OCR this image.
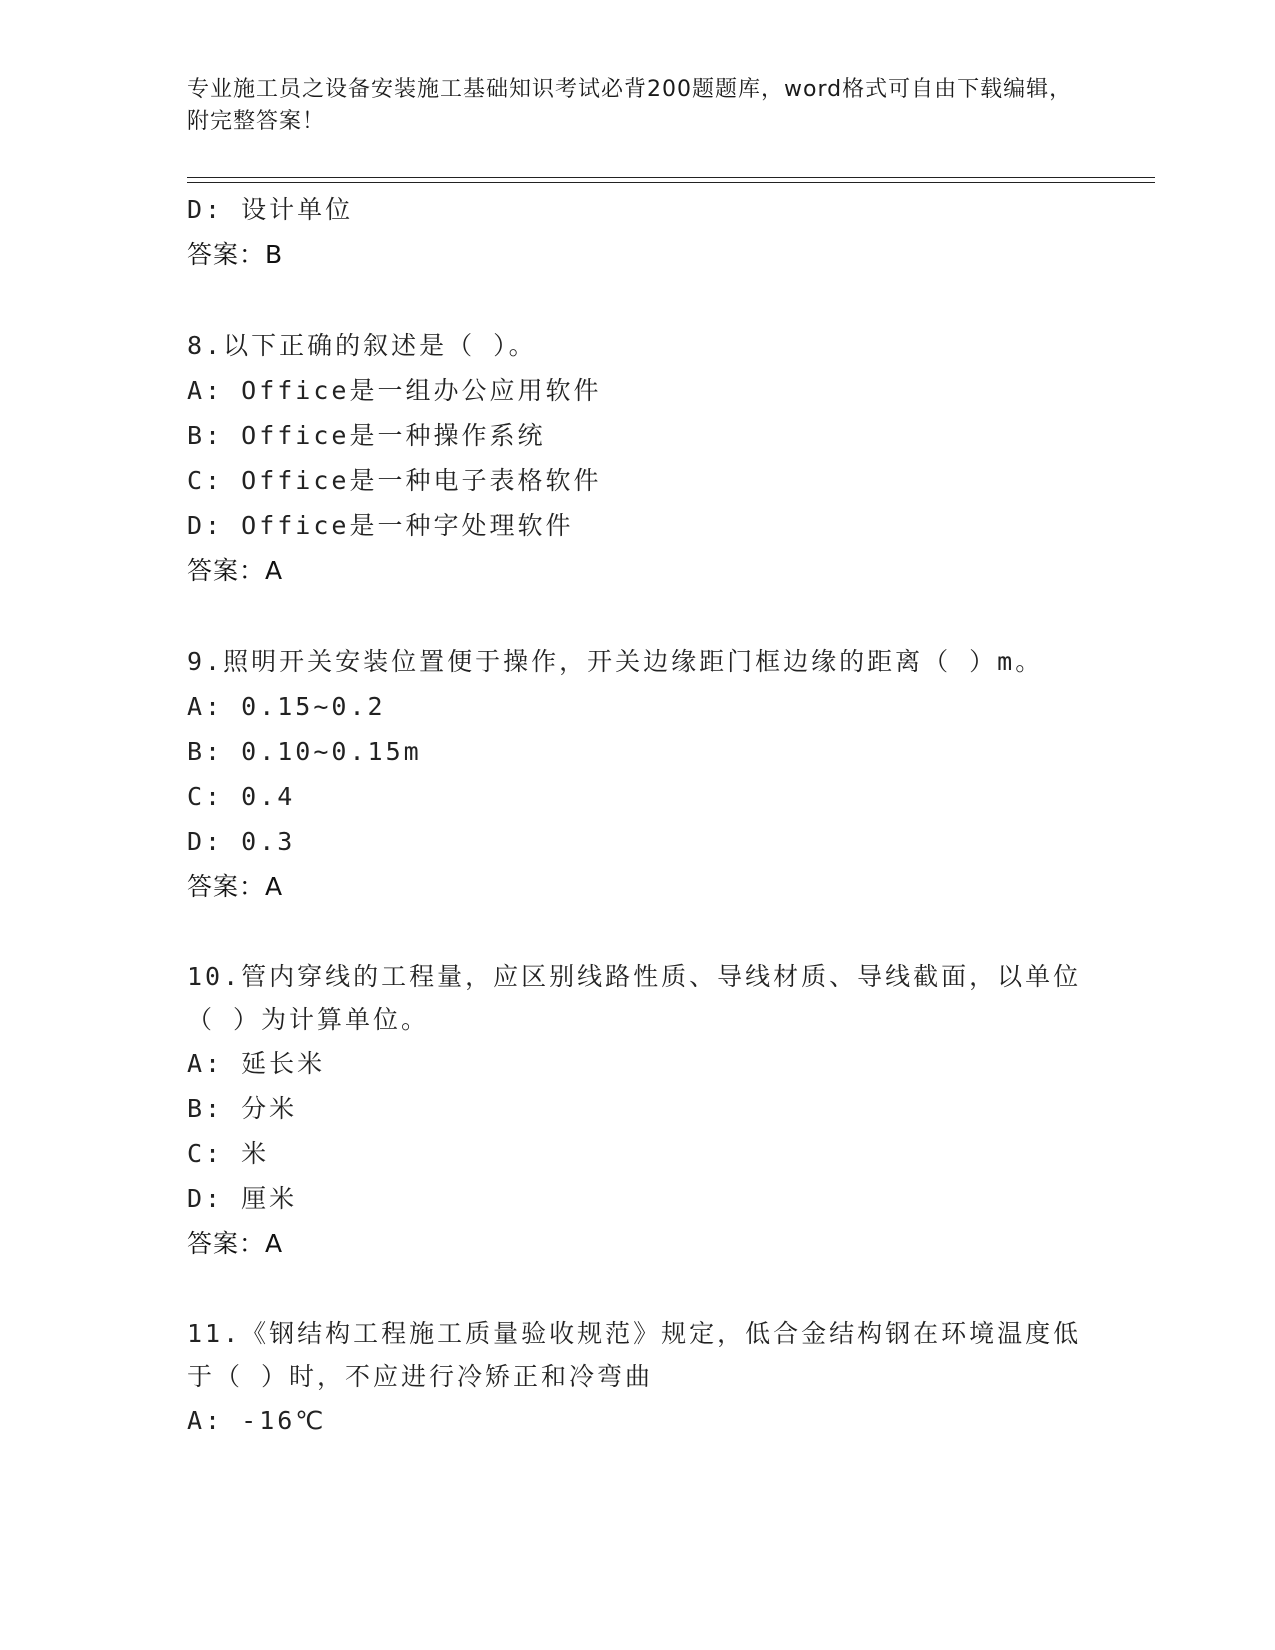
专业施工员之设备安装施工基础知识考试必背200题题库，word格式可自由下载编辑，附完整答案！
D: 设计单位
答案：B
8.以下正确的叙述是（ ）。
A: Office是一组办公应用软件
B: Office是一种操作系统
C: Office是一种电子表格软件
D: Office是一种字处理软件
答案：A
9.照明开关安装位置便于操作，开关边缘距门框边缘的距离（ ）m。
A: 0.15~0.2
B: 0.10~0.15m
C: 0.4
D: 0.3
答案：A
10.管内穿线的工程量，应区别线路性质、导线材质、导线截面，以单位（ ）为计算单位。
A: 延长米
B: 分米
C: 米
D: 厘米
答案：A
11.《钢结构工程施工质量验收规范》规定，低合金结构钢在环境温度低于（ ）时，不应进行冷矫正和冷弯曲
A: -16℃
